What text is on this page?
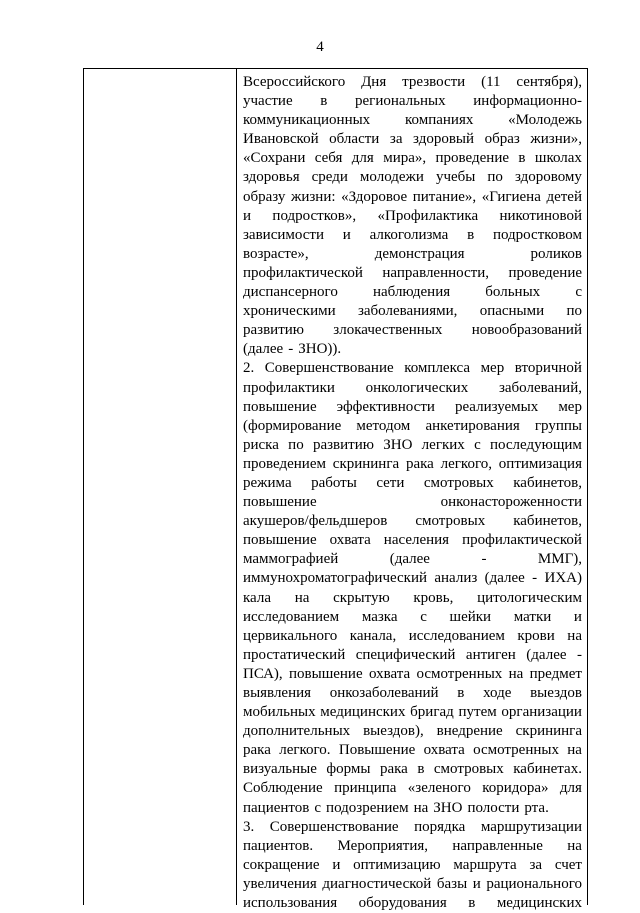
4
Всероссийского Дня трезвости (11 сентября),
участие в региональных информационно-
коммуникационных компаниях «Молодежь
Ивановской области за здоровый образ жизни»,
«Сохрани себя для мира», проведение в школах
здоровья среди молодежи учебы по здоровому
образу жизни: «Здоровое питание», «Гигиена детей
и подростков», «Профилактика никотиновой
зависимости и алкоголизма в подростковом
возрасте»,	демонстрация	роликов
профилактической направленности, проведение
диспансерного наблюдения больных с
хроническими заболеваниями, опасными по
развитию злокачественных новообразований
(далее - ЗНО)).
2. Совершенствование комплекса мер вторичной
профилактики онкологических заболеваний,
повышение эффективности реализуемых мер
(формирование методом анкетирования группы
риска по развитию ЗНО легких с последующим
проведением скрининга рака легкого, оптимизация
режима работы сети смотровых кабинетов,
повышение	онконастороженности
акушеров/фельдшеров смотровых кабинетов,
повышение охвата населения профилактической
маммографией	(далее	-	ММГ),
иммунохроматографический анализ (далее - ИХА)
кала на скрытую кровь, цитологическим
исследованием мазка с шейки матки и
цервикального канала, исследованием крови на
простатический специфический антиген (далее -
ПСА), повышение охвата осмотренных на предмет
выявления онкозаболеваний в ходе выездов
мобильных медицинских бригад путем организации
дополнительных выездов), внедрение скрининга
рака легкого. Повышение охвата осмотренных на
визуальные формы рака в смотровых кабинетах.
Соблюдение принципа «зеленого коридора» для
пациентов с подозрением на ЗНО полости рта.
3. Совершенствование порядка маршрутизации
пациентов. Мероприятия, направленные на
сокращение и оптимизацию маршрута за счет
увеличения диагностической базы и рационального
использования оборудования в медицинских
